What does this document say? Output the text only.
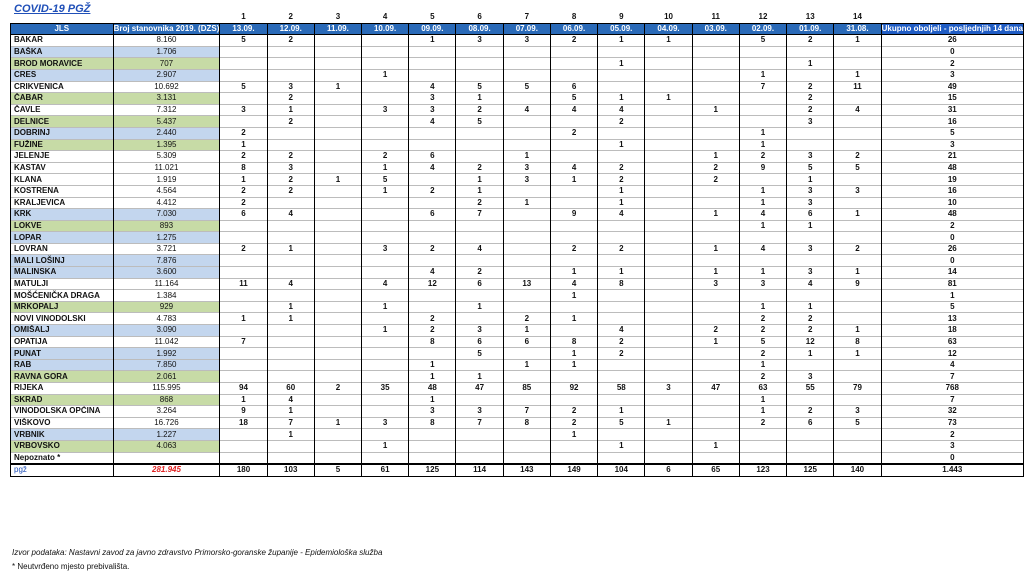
COVID-19 PGŽ
		1	2	3	4	5	6	7	8	9	10	11	12	13	14	
JLS	Broj stanovnika 2019. (DZS)	13.09.	12.09.	11.09.	10.09.	09.09.	08.09.	07.09.	06.09.	05.09.	04.09.	03.09.	02.09.	01.09.	31.08.	Ukupno oboljeli - posljednjih 14 dana
BAKAR	8.160	5	2			1	3	3	2	1	1		5	2	1	26
BAŠKA	1.706															0
BROD MORAVICE	707									1				1		2
CRES	2.907				1								1		1	3
CRIKVENICA	10.692	5	3	1		4	5	5	6				7	2	11	49
ČABAR	3.131		2			3	1		5	1	1			2		15
ČAVLE	7.312	3	1		3	3	2	4	4	4		1		2	4	31
DELNICE	5.437		2			4	5			2				3		16
DOBRINJ	2.440	2							2				1			5
FUŽINE	1.395	1								1			1			3
JELENJE	5.309	2	2		2	6		1				1	2	3	2	21
KASTAV	11.021	8	3		1	4	2	3	4	2		2	9	5	5	48
KLANA	1.919	1	2	1	5		1	3	1	2		2		1		19
KOSTRENA	4.564	2	2		1	2	1			1			1	3	3	16
KRALJEVICA	4.412	2					2	1		1			1	3		10
KRK	7.030	6	4			6	7		9	4		1	4	6	1	48
LOKVE	893												1	1		2
LOPAR	1.275															0
LOVRAN	3.721	2	1		3	2	4		2	2		1	4	3	2	26
MALI LOŠINJ	7.876															0
MALINSKA	3.600					4	2		1	1		1	1	3	1	14
MATULJI	11.164	11	4		4	12	6	13	4	8		3	3	4	9	81
MOŠĆENIČKA DRAGA	1.384								1							1
MRKOPALJ	929		1		1		1						1	1		5
NOVI VINODOLSKI	4.783	1	1			2		2	1				2	2		13
OMIŠALJ	3.090				1	2	3	1		4		2	2	2	1	18
OPATIJA	11.042	7				8	6	6	8	2		1	5	12	8	63
PUNAT	1.992						5		1	2			2	1	1	12
RAB	7.850					1		1	1				1			4
RAVNA GORA	2.061					1	1						2	3		7
RIJEKA	115.995	94	60	2	35	48	47	85	92	58	3	47	63	55	79	768
SKRAD	868	1	4			1							1			7
VINODOLSKA OPĆINA	3.264	9	1			3	3	7	2	1			1	2	3	32
VIŠKOVO	16.726	18	7	1	3	8	7	8	2	5	1		2	6	5	73
VRBNIK	1.227		1						1							2
VRBOVSKO	4.063				1					1		1				3
Nepoznato *																0
pgž	281.945	180	103	5	61	125	114	143	149	104	6	65	123	125	140	1.443
Izvor podataka: Nastavni zavod za javno zdravstvo Primorsko-goranske županije - Epidemiološka služba
* Neutvrđeno mjesto prebivališta.
